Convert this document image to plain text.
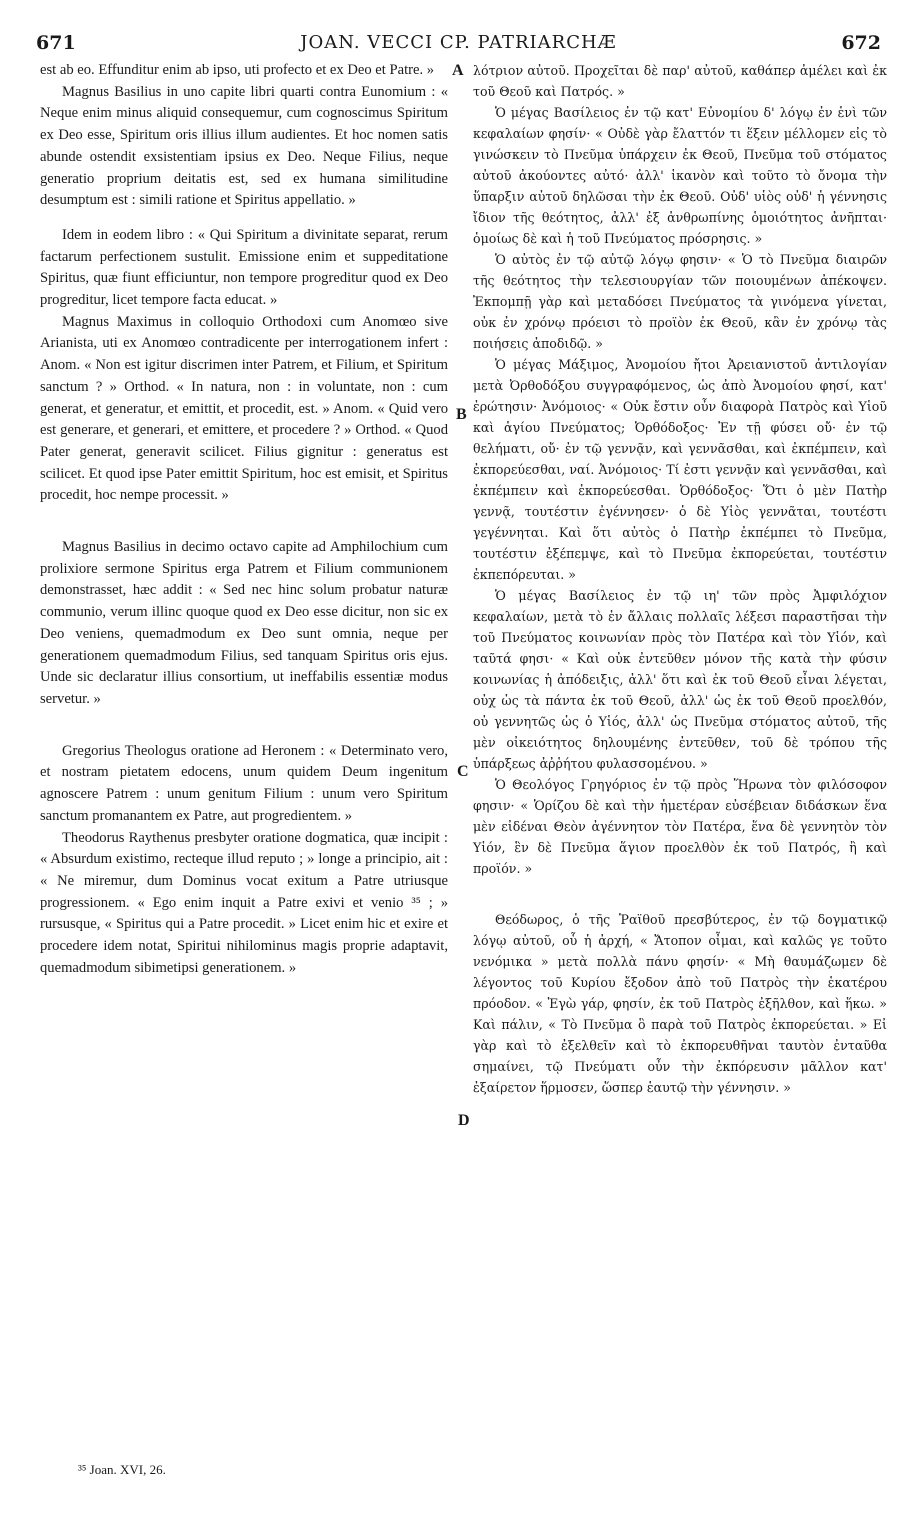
671	JOAN. VECCI CP. PATRIARCHÆ	672

est ab eo. Effunditur enim ab ipso, uti profecto et ex Deo et Patre. »

Magnus Basilius in uno capite libri quarti contra Eunomium : « Neque enim minus aliquid consequemur, cum cognoscimus Spiritum ex Deo esse, Spiritum oris illius illum audientes. Et hoc nomen satis abunde ostendit exsistentiam ipsius ex Deo. Neque Filius, neque generatio proprium deitatis est, sed ex humana similitudine desumptum est : simili ratione et Spiritus appellatio. »

Idem in eodem libro : « Qui Spiritum a divinitate separat, rerum factarum perfectionem sustulit. Emissione enim et suppeditatione Spiritus, quæ fiunt efficiuntur, non tempore progreditur quod ex Deo progreditur, licet tempore facta educat. »

Magnus Maximus in colloquio Orthodoxi cum Anomœo sive Arianista, uti ex Anomœo contradicente per interrogationem infert : Anom. « Non est igitur discrimen inter Patrem, et Filium, et Spiritum sanctum ? » Orthod. « In natura, non : in voluntate, non : cum generat, et generatur, et emittit, et procedit, est. » Anom. « Quid vero est generare, et generari, et emittere, et procedere ? » Orthod. « Quod Pater generat, generavit scilicet. Filius gignitur : generatus est scilicet. Et quod ipse Pater emittit Spiritum, hoc est emisit, et Spiritus procedit, hoc nempe processit. »

Magnus Basilius in decimo octavo capite ad Amphilochium cum prolixiore sermone Spiritus erga Patrem et Filium communionem demonstrasset, hæc addit : « Sed nec hinc solum probatur naturæ communio, verum illinc quoque quod ex Deo esse dicitur, non sic ex Deo veniens, quemadmodum ex Deo sunt omnia, neque per generationem quemadmodum Filius, sed tanquam Spiritus oris ejus. Unde sic declaratur illius consortium, ut ineffabilis essentiæ modus servetur. »

Gregorius Theologus oratione ad Heronem : « Determinato vero, et nostram pietatem edocens, unum quidem Deum ingenitum agnoscere Patrem : unum genitum Filium : unum vero Spiritum sanctum promanantem ex Patre, aut progredientem. »

Theodorus Raythenus presbyter oratione dogmatica, quæ incipit : « Absurdum existimo, recteque illud reputo ; » longe a principio, ait : « Ne miremur, dum Dominus vocat exitum a Patre utriusque progressionem. « Ego enim inquit a Patre exivi et venio ³⁵ ; » rursusque, « Spiritus qui a Patre procedit. » Licet enim hic et exire et procedere idem notat, Spiritui nihilominus magis proprie adaptavit, quemadmodum sibimetipsi generationem. »

λότριον αὐτοῦ. Προχεῖται δὲ παρ' αὐτοῦ, καθάπερ ἀμέλει καὶ ἐκ τοῦ Θεοῦ καὶ Πατρός. »

Ὁ μέγας Βασίλειος ἐν τῷ κατ' Εὐνομίου δ' λόγῳ ἐν ἑνὶ τῶν κεφαλαίων φησίν· « Οὐδὲ γὰρ ἔλαττόν τι ἕξειν μέλλομεν εἰς τὸ γινώσκειν τὸ Πνεῦμα ὑπάρχειν ἐκ Θεοῦ, Πνεῦμα τοῦ στόματος αὐτοῦ ἀκούοντες αὐτό· ἀλλ' ἱκανὸν καὶ τοῦτο τὸ ὄνομα τὴν ὕπαρξιν αὐτοῦ δηλῶσαι τὴν ἐκ Θεοῦ. Οὐδ' υἱὸς οὐδ' ἡ γέννησις ἴδιον τῆς θεότητος, ἀλλ' ἐξ ἀνθρωπίνης ὁμοιότητος ἀνῆπται· ὁμοίως δὲ καὶ ἡ τοῦ Πνεύματος πρόσρησις. »

Ὁ αὐτὸς ἐν τῷ αὐτῷ λόγῳ φησιν· « Ὁ τὸ Πνεῦμα διαιρῶν τῆς θεότητος τὴν τελεσιουργίαν τῶν ποιουμένων ἀπέκοψεν. Ἐκπομπῇ γὰρ καὶ μεταδόσει Πνεύματος τὰ γινόμενα γίνεται, οὐκ ἐν χρόνῳ πρόεισι τὸ προϊὸν ἐκ Θεοῦ, κἂν ἐν χρόνῳ τὰς ποιήσεις ἀποδιδῷ. »

Ὁ μέγας Μάξιμος, Ἀνομοίου ἤτοι Ἀρειανιστοῦ ἀντιλογίαν μετὰ Ὀρθοδόξου συγγραφόμενος, ὡς ἀπὸ Ἀνομοίου φησί, κατ' ἐρώτησιν· Ἀνόμοιος· « Οὐκ ἔστιν οὖν διαφορὰ Πατρὸς καὶ Υἱοῦ καὶ ἁγίου Πνεύματος; Ὀρθόδοξος· Ἐν τῇ φύσει οὔ· ἐν τῷ θελήματι, οὔ· ἐν τῷ γεννᾷν, καὶ γεννᾶσθαι, καὶ ἐκπέμπειν, καὶ ἐκπορεύεσθαι, ναί. Ἀνόμοιος· Τί ἐστι γεννᾷν καὶ γεννᾶσθαι, καὶ ἐκπέμπειν καὶ ἐκπορεύεσθαι. Ὀρθόδοξος· Ὅτι ὁ μὲν Πατὴρ γεννᾷ, τουτέστιν ἐγέννησεν· ὁ δὲ Υἱὸς γεννᾶται, τουτέστι γεγέννηται. Καὶ ὅτι αὐτὸς ὁ Πατὴρ ἐκπέμπει τὸ Πνεῦμα, τουτέστιν ἐξέπεμψε, καὶ τὸ Πνεῦμα ἐκπορεύεται, τουτέστιν ἐκπεπόρευται. »

Ὁ μέγας Βασίλειος ἐν τῷ ιη' τῶν πρὸς Ἀμφιλόχιον κεφαλαίων, μετὰ τὸ ἐν ἄλλαις πολλαῖς λέξεσι παραστῆσαι τὴν τοῦ Πνεύματος κοινωνίαν πρὸς τὸν Πατέρα καὶ τὸν Υἱόν, καὶ ταῦτά φησι· « Καὶ οὐκ ἐντεῦθεν μόνον τῆς κατὰ τὴν φύσιν κοινωνίας ἡ ἀπόδειξις, ἀλλ' ὅτι καὶ ἐκ τοῦ Θεοῦ εἶναι λέγεται, οὐχ ὡς τὰ πάντα ἐκ τοῦ Θεοῦ, ἀλλ' ὡς ἐκ τοῦ Θεοῦ προελθόν, οὐ γεννητῶς ὡς ὁ Υἱός, ἀλλ' ὡς Πνεῦμα στόματος αὐτοῦ, τῆς μὲν οἰκειότητος δηλουμένης ἐντεῦθεν, τοῦ δὲ τρόπου τῆς ὑπάρξεως ἀῤῥήτου φυλασσομένου. »

Ὁ Θεολόγος Γρηγόριος ἐν τῷ πρὸς Ἥρωνα τὸν φιλόσοφον φησιν· « Ὁρίζου δὲ καὶ τὴν ἡμετέραν εὐσέβειαν διδάσκων ἕνα μὲν εἰδέναι Θεὸν ἀγέννητον τὸν Πατέρα, ἕνα δὲ γεννητὸν τὸν Υἱόν, ἓν δὲ Πνεῦμα ἅγιον προελθὸν ἐκ τοῦ Πατρός, ἢ καὶ προϊόν. »

Θεόδωρος, ὁ τῆς Ῥαϊθοῦ πρεσβύτερος, ἐν τῷ δογματικῷ λόγῳ αὐτοῦ, οὗ ἡ ἀρχή, « Ἄτοπον οἶμαι, καὶ καλῶς γε τοῦτο νενόμικα » μετὰ πολλὰ πάνυ φησίν· « Μὴ θαυμάζωμεν δὲ λέγοντος τοῦ Κυρίου ἔξοδον ἀπὸ τοῦ Πατρὸς τὴν ἑκατέρου πρόοδον. « Ἐγὼ γάρ, φησίν, ἐκ τοῦ Πατρὸς ἐξῆλθον, καὶ ἥκω. » Καὶ πάλιν, « Τὸ Πνεῦμα ὃ παρὰ τοῦ Πατρὸς ἐκπορεύεται. » Εἰ γὰρ καὶ τὸ ἐξελθεῖν καὶ τὸ ἐκπορευθῆναι ταυτὸν ἐνταῦθα σημαίνει, τῷ Πνεύματι οὖν τὴν ἐκπόρευσιν μᾶλλον κατ' ἐξαίρετον ἥρμοσεν, ὥσπερ ἑαυτῷ τὴν γέννησιν. »

A
B
C
D
³⁵ Joan. XVI, 26.
